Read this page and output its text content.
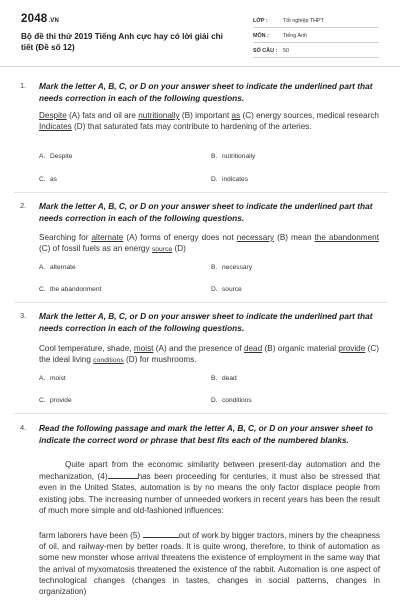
2048.VN
Bộ đề thi thử 2019 Tiếng Anh cực hay có lời giải chi tiết (Đề số 12)
LỚP :	Tốt nghiệp THPT
MÔN :	Tiếng Anh
SỐ CÂU : 50
1. Mark the letter A, B, C, or D on your answer sheet to indicate the underlined part that needs correction in each of the following questions.
Despite (A) fats and oil are nutritionally (B) important as (C) energy sources, medical research Indicates (D) that saturated fats may contribute to hardening of the arteries.
A. Despite	B. nutritionally
C. as	D. indicates
2. Mark the letter A, B, C, or D on your answer sheet to indicate the underlined part that needs correction in each of the following questions.
Searching for alternate (A) forms of energy does not necessary (B) mean the abandonment (C) of fossil fuels as an energy source (D)
A. alternate	B. necessary
C. the abandonment	D. source
3. Mark the letter A, B, C, or D on your answer sheet to indicate the underlined part that needs correction in each of the following questions.
Cool temperature, shade, moist (A) and the presence of dead (B) organic material provide (C) the ideal living conditions (D) for mushrooms.
A. moist	B. dead
C. provide	D. conditions
4. Read the following passage and mark the letter A, B, C, or D on your answer sheet to indicate the correct word or phrase that best fits each of the numbered blanks.
Quite apart from the economic similarity between present-day automation and the mechanization, (4)	has been proceeding for centuries, it must also be stressed that even in the United States, automation is by no means the only factor displace people from existing jobs. The increasing number of unneeded workers in recent years has been the result of much more simple and old-fashioned influences:
farm laborers have been (5)	out of work by bigger tractors, miners by the cheapness of oil, and railway-men by better roads. It is quite wrong, therefore, to think of automation as some new monster whose arrival threatens the existence of employment in the same way that the arrival of myxomatosis threatened the existence of the rabbit. Automation is one aspect of technological changes (changes in tastes, changes in social patterns, changes in organization)
